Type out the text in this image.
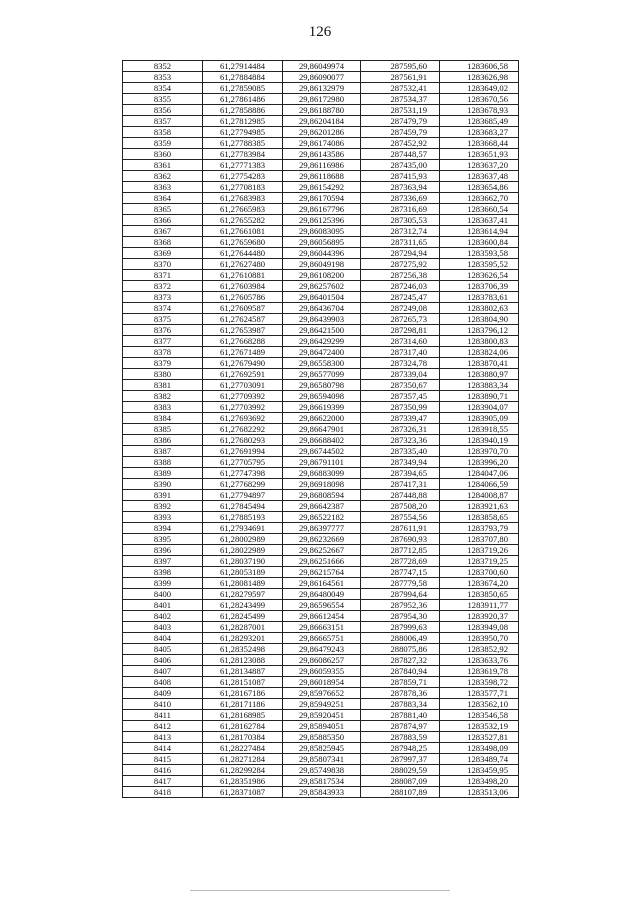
126
8352	61,27914484	29,86049974	287595,60	1283606,58
8353	61,27884884	29,86090077	287561,91	1283626,98
8354	61,27859085	29,86132979	287532,41	1283649,02
8355	61,27861486	29,86172980	287534,37	1283670,56
8356	61,27858886	29,86188780	287531,19	1283678,93
8357	61,27812985	29,86204184	287479,79	1283685,49
8358	61,27794985	29,86201286	287459,79	1283683,27
8359	61,27788385	29,86174086	287452,92	1283668,44
8360	61,27783984	29,86143586	287448,57	1283651,93
8361	61,27771383	29,86116986	287435,00	1283637,20
8362	61,27754283	29,86118688	287415,93	1283637,48
8363	61,27708183	29,86154292	287363,94	1283654,86
8364	61,27683983	29,86170594	287336,69	1283662,70
8365	61,27665983	29,86167796	287316,69	1283660,54
8366	61,27655282	29,86125396	287305,53	1283637,41
8367	61,27661081	29,86083095	287312,74	1283614,94
8368	61,27659680	29,86056895	287311,65	1283600,84
8369	61,27644480	29,86044396	287294,94	1283593,58
8370	61,27627480	29,86049198	287275,92	1283595,52
8371	61,27610881	29,86108200	287256,38	1283626,54
8372	61,27603984	29,86257602	287246,03	1283706,39
8373	61,27605786	29,86401504	287245,47	1283783,61
8374	61,27609587	29,86436704	287249,08	1283802,63
8375	61,27624587	29,86439903	287265,73	1283804,90
8376	61,27653987	29,86421500	287298,81	1283796,12
8377	61,27668288	29,86429299	287314,60	1283800,83
8378	61,27671489	29,86472400	287317,40	1283824,06
8379	61,27679490	29,86558300	287324,78	1283870,41
8380	61,27692591	29,86577099	287339,04	1283880,97
8381	61,27703091	29,86580798	287350,67	1283883,34
8382	61,27709392	29,86594098	287357,45	1283890,71
8383	61,27703992	29,86619399	287350,99	1283904,07
8384	61,27693692	29,86622000	287339,47	1283905,09
8385	61,27682292	29,86647901	287326,31	1283918,55
8386	61,27680293	29,86688402	287323,36	1283940,19
8387	61,27691994	29,86744502	287335,40	1283970,70
8388	61,27705795	29,86791101	287349,94	1283996,20
8389	61,27747398	29,86883099	287394,65	1284047,06
8390	61,27768299	29,86918098	287417,31	1284066,59
8391	61,27794897	29,86808594	287448,88	1284008,87
8392	61,27845494	29,86642387	287508,20	1283921,63
8393	61,27885193	29,86522182	287554,56	1283858,65
8394	61,27934691	29,86397777	287611,91	1283793,79
8395	61,28002989	29,86232669	287690,93	1283707,80
8396	61,28022989	29,86252667	287712,85	1283719,26
8397	61,28037190	29,86251666	287728,69	1283719,25
8398	61,28053189	29,86215764	287747,15	1283700,60
8399	61,28081489	29,86164561	287779,58	1283674,20
8400	61,28279597	29,86480049	287994,64	1283850,65
8401	61,28243499	29,86596554	287952,36	1283911,77
8402	61,28245499	29,86612454	287954,30	1283920,37
8403	61,28287001	29,86663151	287999,63	1283949,08
8404	61,28293201	29,86665751	288006,49	1283950,70
8405	61,28352498	29,86479243	288075,86	1283852,92
8406	61,28123088	29,86086257	287827,32	1283633,76
8407	61,28134887	29,86059355	287840,94	1283619,78
8408	61,28151087	29,86018954	287859,71	1283598,72
8409	61,28167186	29,85976652	287878,36	1283577,71
8410	61,28171186	29,85949251	287883,34	1283562,10
8411	61,28168985	29,85920451	287881,40	1283546,58
8412	61,28162784	29,85894051	287874,97	1283532,19
8413	61,28170384	29,85885350	287883,59	1283527,81
8414	61,28227484	29,85825945	287948,25	1283498,09
8415	61,28271284	29,85807341	287997,37	1283489,74
8416	61,28299284	29,85749838	288029,59	1283459,95
8417	61,28351986	29,85817534	288087,09	1283498,20
8418	61,28371087	29,85843933	288107,89	1283513,06
